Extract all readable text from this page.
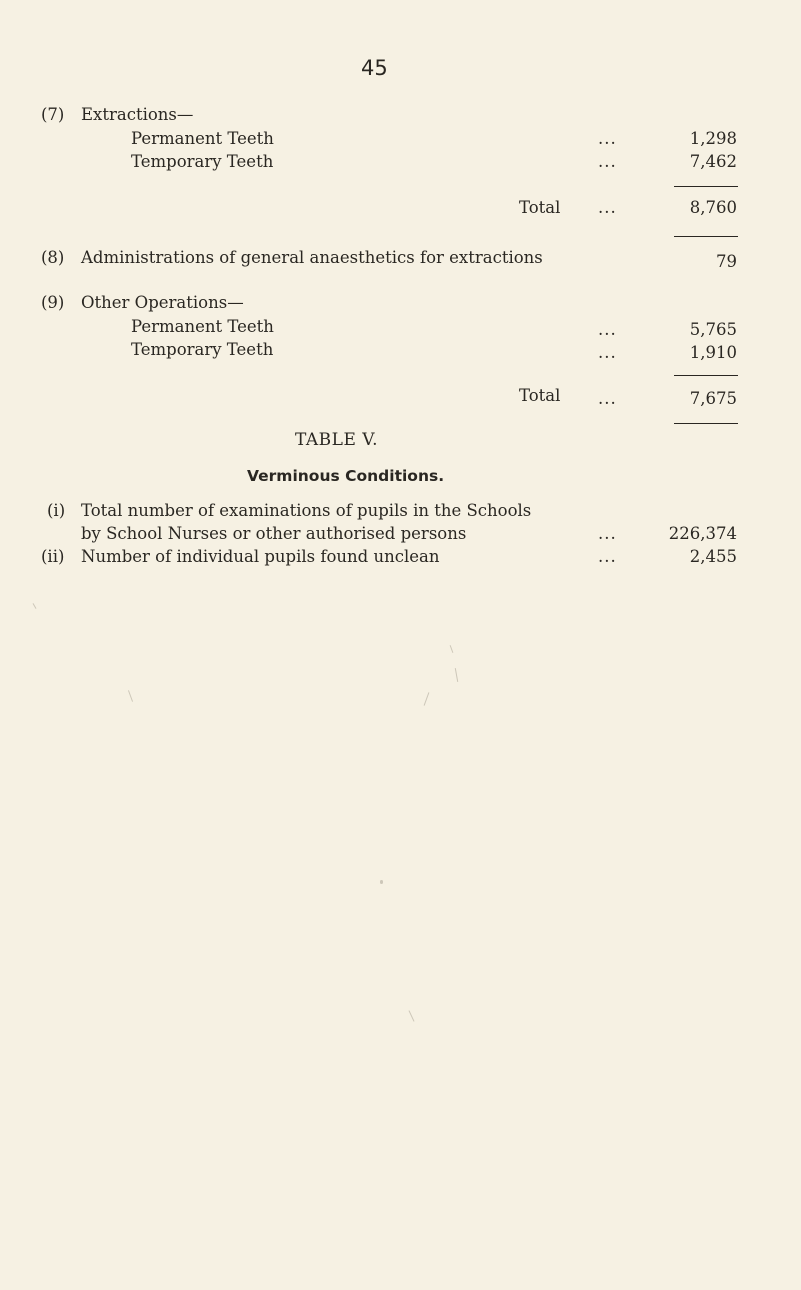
45
(7) Extractions—
Permanent Teeth	...	1,298
Temporary Teeth	...	7,462
Total ...	8,760
(8) Administrations of general anaesthetics for extractions	79
(9) Other Operations—
Permanent Teeth	...	5,765
Temporary Teeth	...	1,910
Total ...	7,675
TABLE V.
Verminous Conditions.
(i) Total number of examinations of pupils in the Schools
by School Nurses or other authorised persons	...	226,374
(ii) Number of individual pupils found unclean	...	2,455
